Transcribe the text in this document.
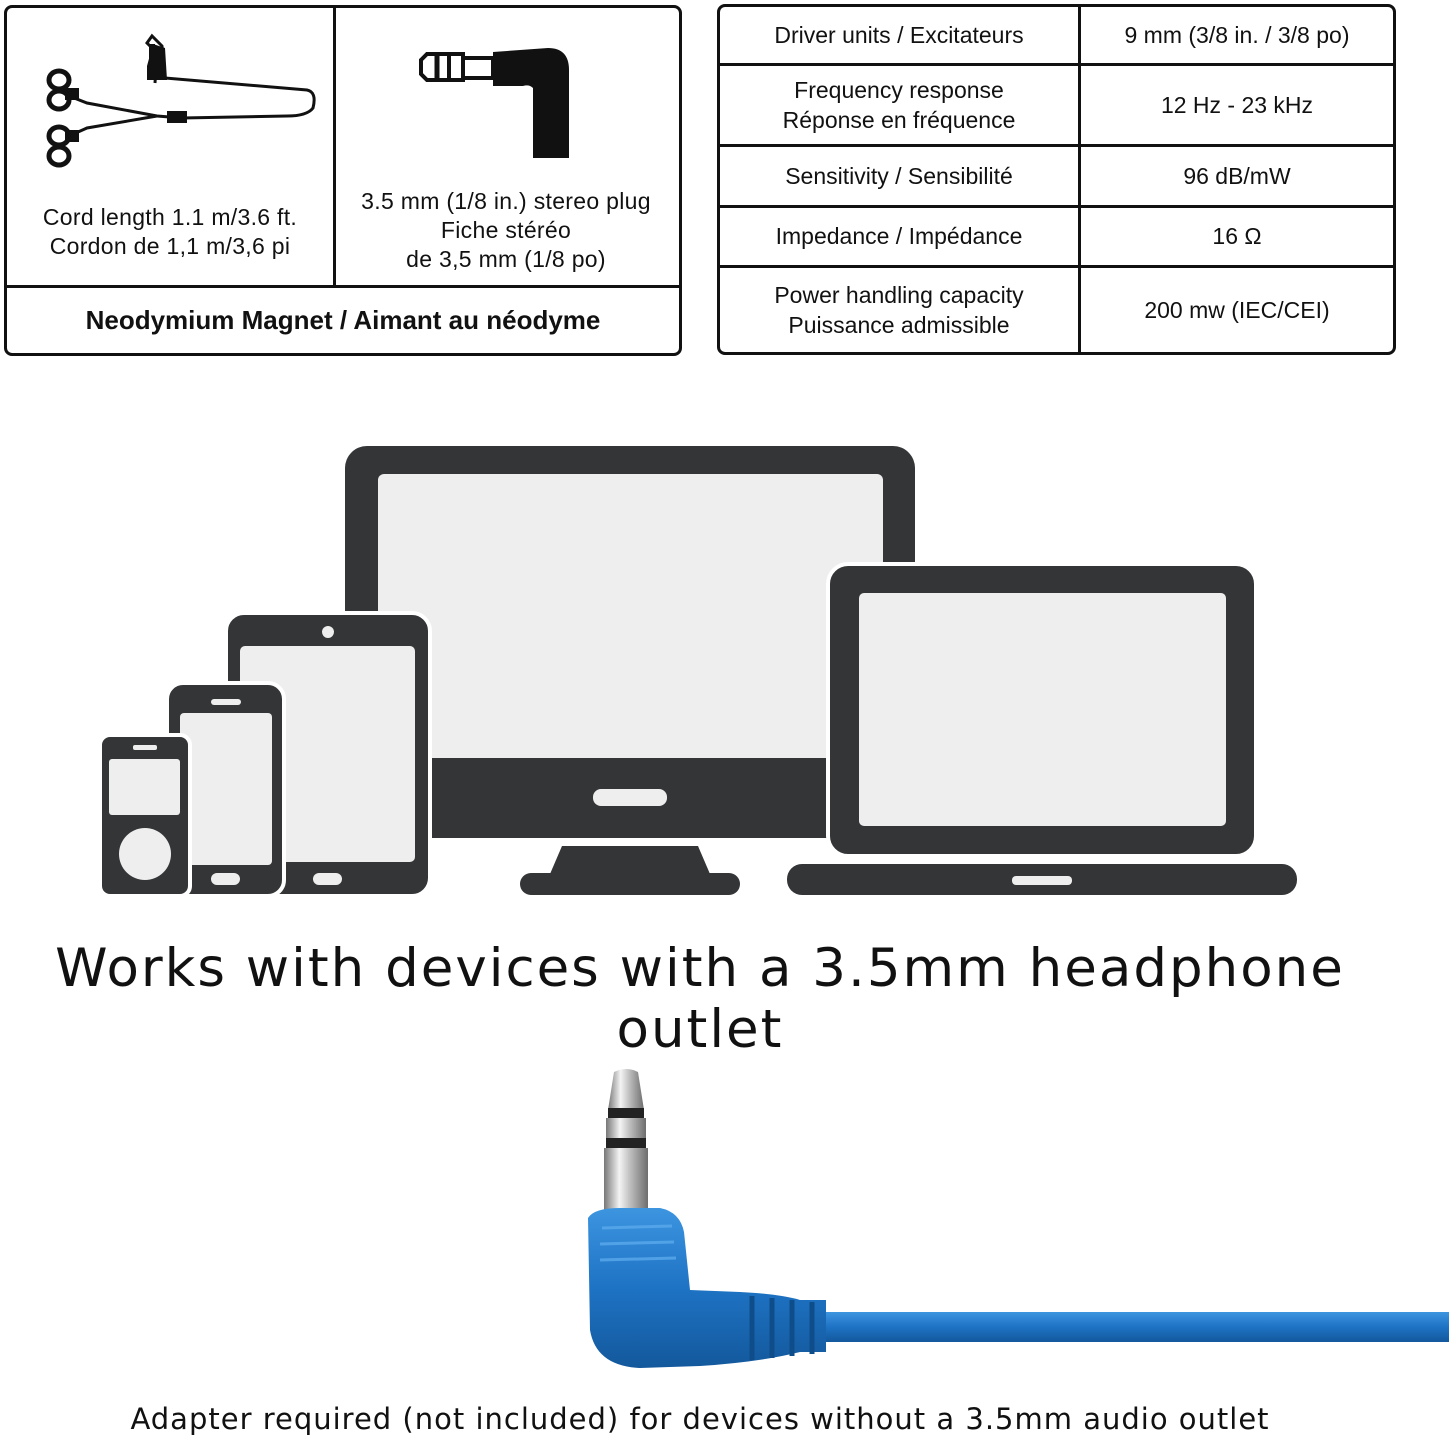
Cord length 1.1 m/3.6 ft.
Cordon de 1,1 m/3,6 pi
3.5 mm (1/8 in.) stereo plug
Fiche stéréo
de 3,5 mm (1/8 po)
Neodymium Magnet / Aimant au néodyme
Driver units / Excitateurs	9 mm (3/8 in. / 3/8 po)
Frequency response
Réponse en fréquence	12 Hz - 23 kHz
Sensitivity / Sensibilité	96 dB/mW
Impedance / Impédance	16 Ω
Power handling capacity
Puissance admissible	200 mw (IEC/CEI)
Works with devices with a 3.5mm headphone outlet
Adapter required (not included) for devices without a 3.5mm audio outlet
